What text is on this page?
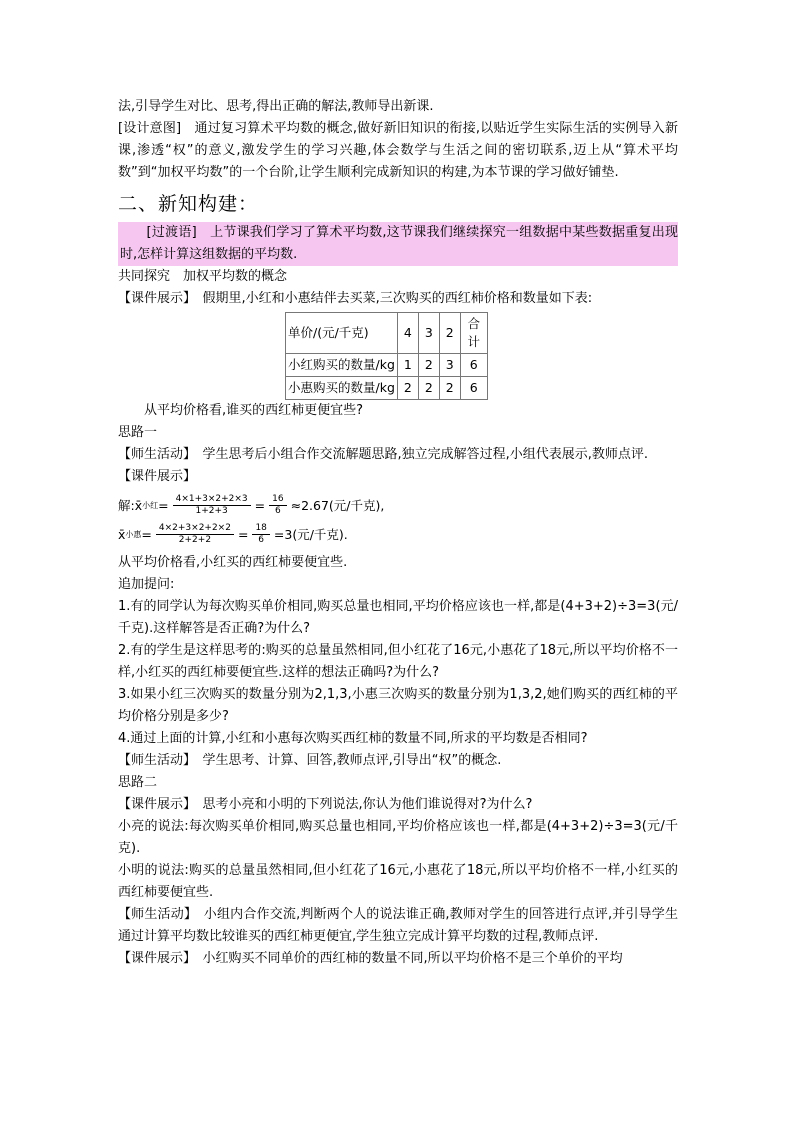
法,引导学生对比、思考,得出正确的解法,教师导出新课.

[设计意图]　通过复习算术平均数的概念,做好新旧知识的衔接,以贴近学生实际生活的实例导入新课,渗透“权”的意义,激发学生的学习兴趣,体会数学与生活之间的密切联系,迈上从“算术平均数”到“加权平均数”的一个台阶,让学生顺利完成新知识的构建,为本节课的学习做好铺垫.

二、新知构建：

　　[过渡语]　上节课我们学习了算术平均数,这节课我们继续探究一组数据中某些数据重复出现时,怎样计算这组数据的平均数.

共同探究　加权平均数的概念

【课件展示】　假期里,小红和小惠结伴去买菜,三次购买的西红柿价格和数量如下表:

单价/(元/千克)	4	3	2	合计
小红购买的数量/kg	1	2	3	6
小惠购买的数量/kg	2	2	2	6

　　从平均价格看,谁买的西红柿更便宜些?

思路一

【师生活动】　学生思考后小组合作交流解题思路,独立完成解答过程,小组代表展示,教师点评.

【课件展示】

解:x̄ 小红 = $\frac{4\times 1+3\times 2+2\times 3}{1+2+3} = \frac{16}{6} \approx 2.67$(元/千克),
x̄ 小惠 = $\frac{4\times 2+3\times 2+2\times 2}{2+2+2} = \frac{18}{6} =3$(元/千克).

从平均价格看,小红买的西红柿要便宜些.

追加提问:

1.有的同学认为每次购买单价相同,购买总量也相同,平均价格应该也一样,都是(4+3+2)÷3=3(元/千克).这样解答是否正确?为什么?

2.有的学生是这样思考的:购买的总量虽然相同,但小红花了16元,小惠花了18元,所以平均价格不一样,小红买的西红柿要便宜些.这样的想法正确吗?为什么?

3.如果小红三次购买的数量分别为2,1,3,小惠三次购买的数量分别为1,3,2,她们购买的西红柿的平均价格分别是多少?

4.通过上面的计算,小红和小惠每次购买西红柿的数量不同,所求的平均数是否相同?

【师生活动】　学生思考、计算、回答,教师点评,引导出“权”的概念.

思路二

【课件展示】　思考小亮和小明的下列说法,你认为他们谁说得对?为什么?

小亮的说法:每次购买单价相同,购买总量也相同,平均价格应该也一样,都是(4+3+2)÷3=3(元/千克).

小明的说法:购买的总量虽然相同,但小红花了16元,小惠花了18元,所以平均价格不一样,小红买的西红柿要便宜些.

【师生活动】　小组内合作交流,判断两个人的说法谁正确,教师对学生的回答进行点评,并引导学生通过计算平均数比较谁买的西红柿更便宜,学生独立完成计算平均数的过程,教师点评.

【课件展示】　小红购买不同单价的西红柿的数量不同,所以平均价格不是三个单价的平均
